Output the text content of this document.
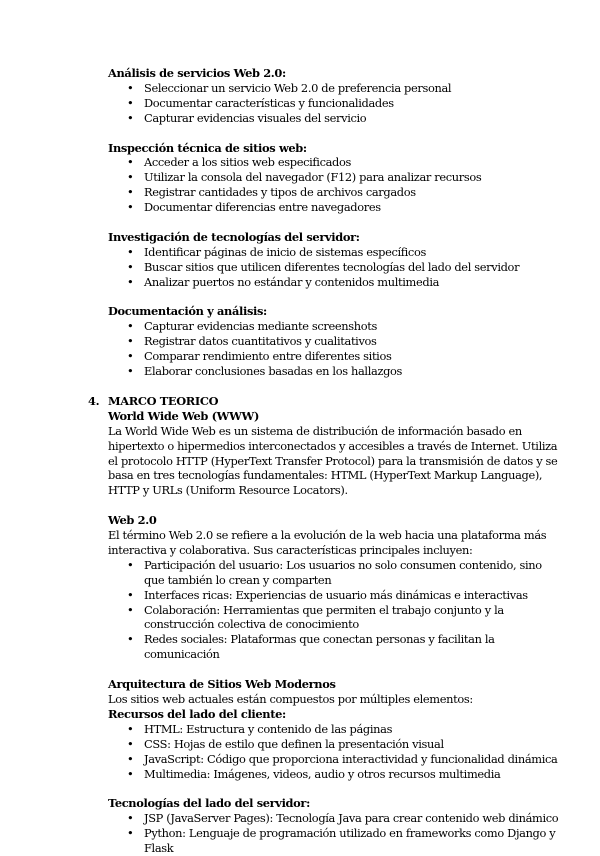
Análisis de servicios Web 2.0:
• Seleccionar un servicio Web 2.0 de preferencia personal
• Documentar características y funcionalidades
• Capturar evidencias visuales del servicio
Inspección técnica de sitios web:
• Acceder a los sitios web especificados
• Utilizar la consola del navegador (F12) para analizar recursos
• Registrar cantidades y tipos de archivos cargados
• Documentar diferencias entre navegadores
Investigación de tecnologías del servidor:
• Identificar páginas de inicio de sistemas específicos
• Buscar sitios que utilicen diferentes tecnologías del lado del servidor
• Analizar puertos no estándar y contenidos multimedia
Documentación y análisis:
• Capturar evidencias mediante screenshots
• Registrar datos cuantitativos y cualitativos
• Comparar rendimiento entre diferentes sitios
• Elaborar conclusiones basadas en los hallazgos
4. MARCO TEORICO
World Wide Web (WWW)

La World Wide Web es un sistema de distribución de información basado en hipertexto o hipermedios interconectados y accesibles a través de Internet. Utiliza el protocolo HTTP (HyperText Transfer Protocol) para la transmisión de datos y se basa en tres tecnologías fundamentales: HTML (HyperText Markup Language), HTTP y URLs (Uniform Resource Locators).

Web 2.0

El término Web 2.0 se refiere a la evolución de la web hacia una plataforma más interactiva y colaborativa. Sus características principales incluyen:

• Participación del usuario: Los usuarios no solo consumen contenido, sino que también lo crean y comparten
• Interfaces ricas: Experiencias de usuario más dinámicas e interactivas
• Colaboración: Herramientas que permiten el trabajo conjunto y la construcción colectiva de conocimiento
• Redes sociales: Plataformas que conectan personas y facilitan la comunicación
Arquitectura de Sitios Web Modernos

Los sitios web actuales están compuestos por múltiples elementos:

Recursos del lado del cliente:
• HTML: Estructura y contenido de las páginas
• CSS: Hojas de estilo que definen la presentación visual
• JavaScript: Código que proporciona interactividad y funcionalidad dinámica
• Multimedia: Imágenes, videos, audio y otros recursos multimedia
Tecnologías del lado del servidor:
• JSP (JavaServer Pages): Tecnología Java para crear contenido web dinámico
• Python: Lenguaje de programación utilizado en frameworks como Django y Flask
